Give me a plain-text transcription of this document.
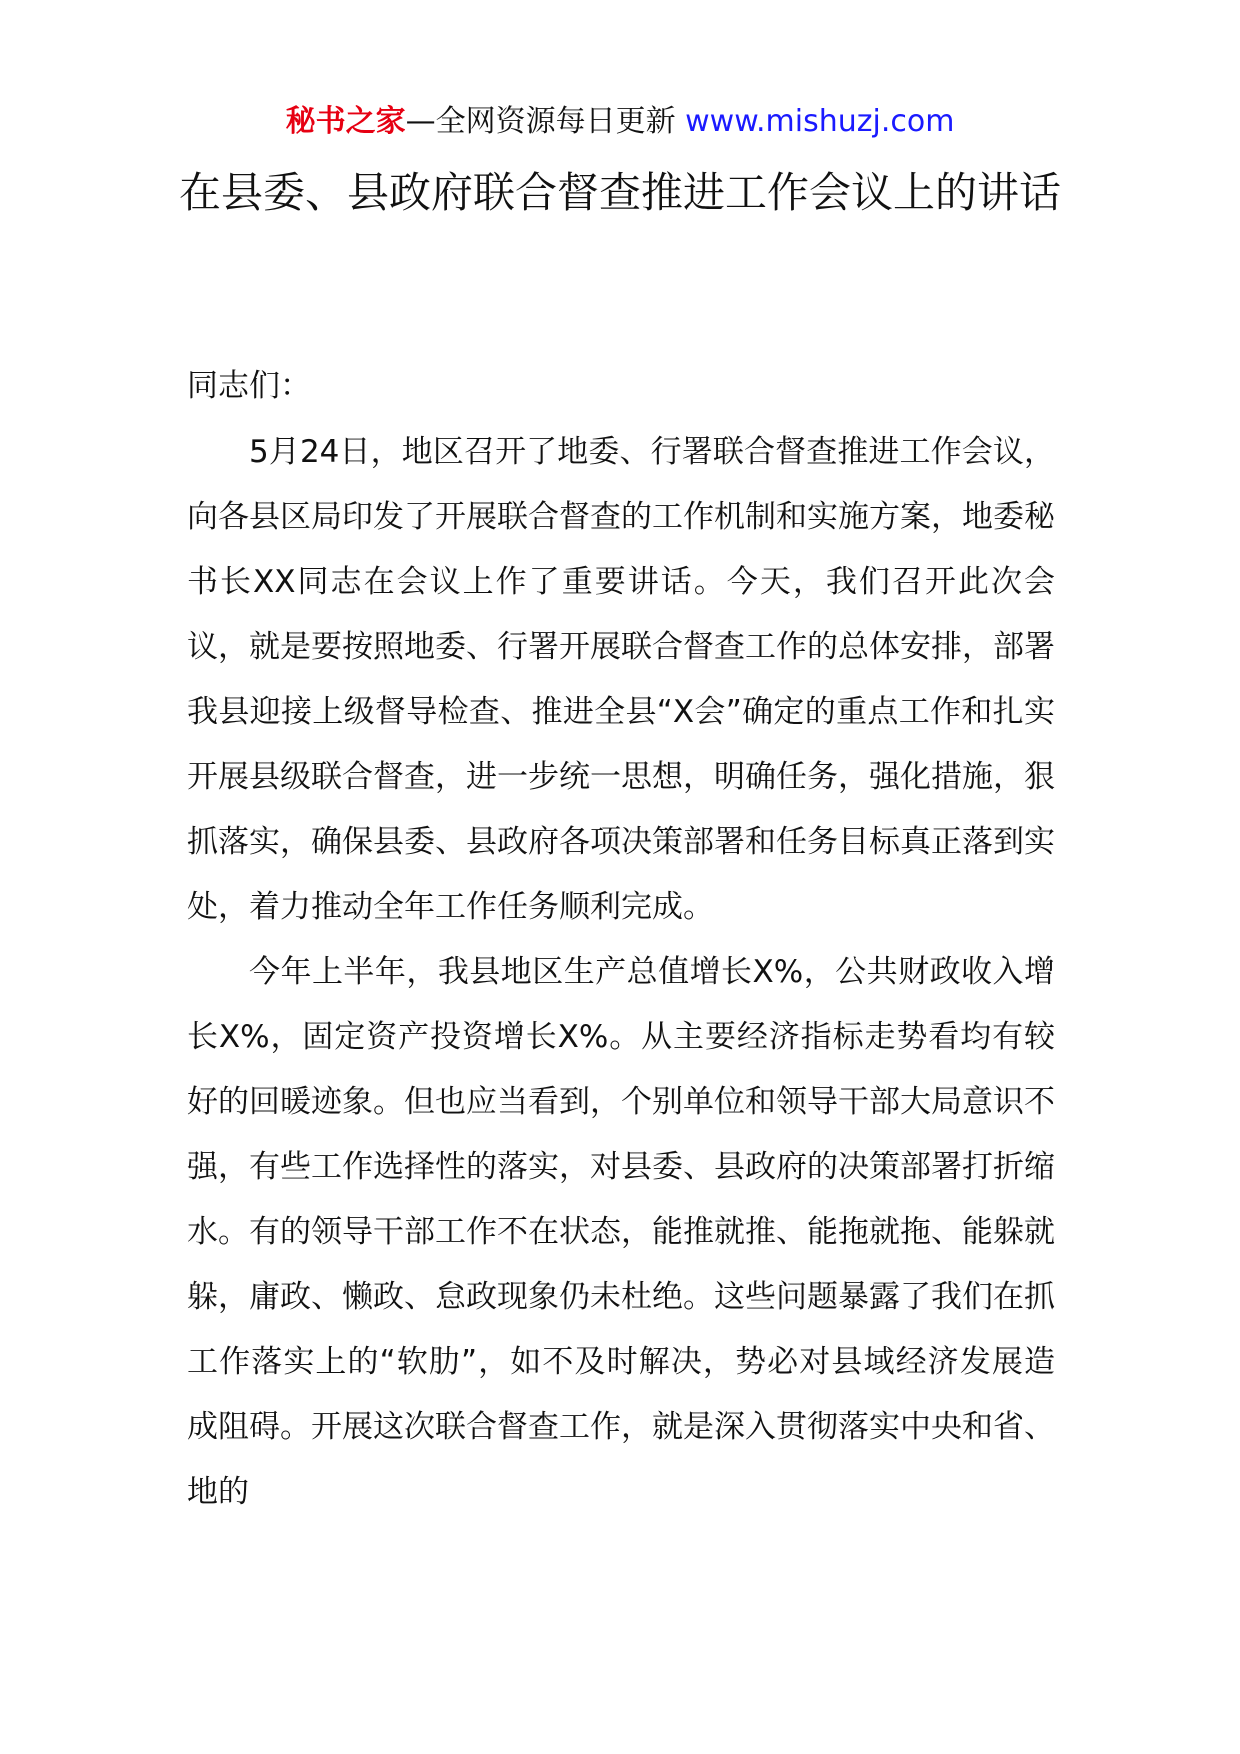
秘书之家—全网资源每日更新 www.mishuzj.com
在县委、县政府联合督查推进工作会议上的讲话

同志们：

5月24日，地区召开了地委、行署联合督查推进工作会议，向各县区局印发了开展联合督查的工作机制和实施方案，地委秘书长XX同志在会议上作了重要讲话。今天，我们召开此次会议，就是要按照地委、行署开展联合督查工作的总体安排，部署我县迎接上级督导检查、推进全县“X会”确定的重点工作和扎实开展县级联合督查，进一步统一思想，明确任务，强化措施，狠抓落实，确保县委、县政府各项决策部署和任务目标真正落到实处，着力推动全年工作任务顺利完成。

今年上半年，我县地区生产总值增长X%，公共财政收入增长X%，固定资产投资增长X%。从主要经济指标走势看均有较好的回暖迹象。但也应当看到，个别单位和领导干部大局意识不强，有些工作选择性的落实，对县委、县政府的决策部署打折缩水。有的领导干部工作不在状态，能推就推、能拖就拖、能躲就躲，庸政、懒政、怠政现象仍未杜绝。这些问题暴露了我们在抓工作落实上的“软肋”，如不及时解决，势必对县域经济发展造成阻碍。开展这次联合督查工作，就是深入贯彻落实中央和省、地的
